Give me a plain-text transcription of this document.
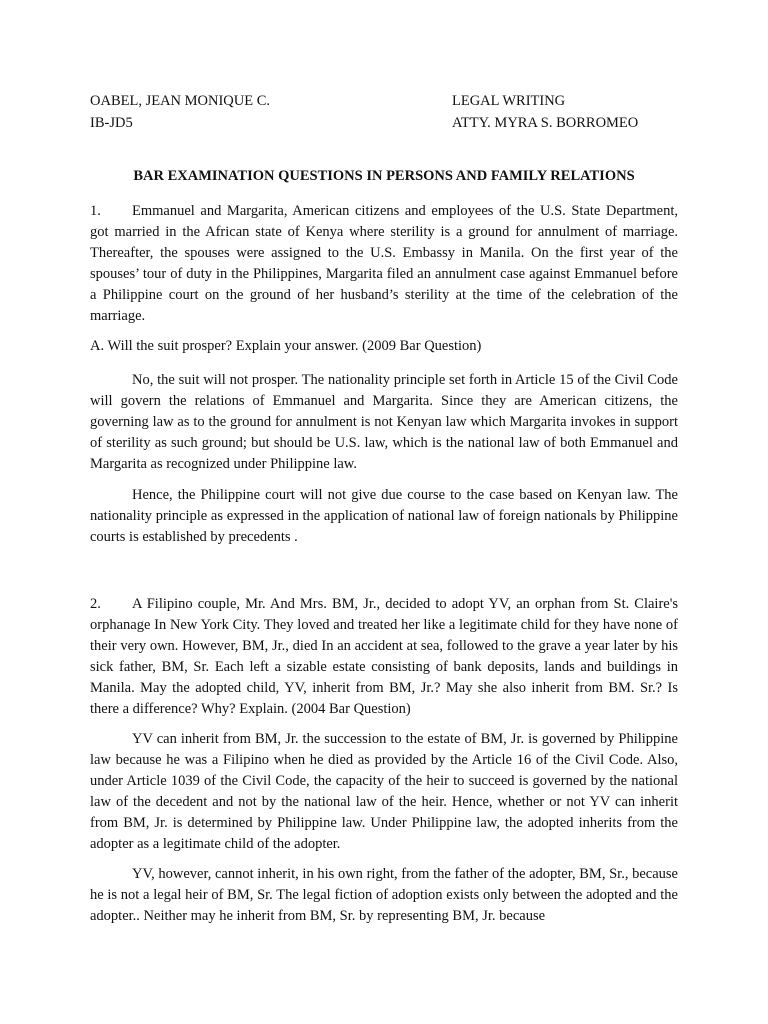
OABEL, JEAN MONIQUE C.
IB-JD5
LEGAL WRITING
ATTY. MYRA S. BORROMEO
BAR EXAMINATION QUESTIONS IN PERSONS AND FAMILY RELATIONS
1. Emmanuel and Margarita, American citizens and employees of the U.S. State Department, got married in the African state of Kenya where sterility is a ground for annulment of marriage. Thereafter, the spouses were assigned to the U.S. Embassy in Manila. On the first year of the spouses’ tour of duty in the Philippines, Margarita filed an annulment case against Emmanuel before a Philippine court on the ground of her husband’s sterility at the time of the celebration of the marriage.
A. Will the suit prosper? Explain your answer. (2009 Bar Question)
No, the suit will not prosper. The nationality principle set forth in Article 15 of the Civil Code will govern the relations of Emmanuel and Margarita. Since they are American citizens, the governing law as to the ground for annulment is not Kenyan law which Margarita invokes in support of sterility as such ground; but should be U.S. law, which is the national law of both Emmanuel and Margarita as recognized under Philippine law.
Hence, the Philippine court will not give due course to the case based on Kenyan law. The nationality principle as expressed in the application of national law of foreign nationals by Philippine courts is established by precedents .
2. A Filipino couple, Mr. And Mrs. BM, Jr., decided to adopt YV, an orphan from St. Claire's orphanage In New York City. They loved and treated her like a legitimate child for they have none of their very own. However, BM, Jr., died In an accident at sea, followed to the grave a year later by his sick father, BM, Sr. Each left a sizable estate consisting of bank deposits, lands and buildings in Manila. May the adopted child, YV, inherit from BM, Jr.? May she also inherit from BM. Sr.? Is there a difference? Why? Explain. (2004 Bar Question)
YV can inherit from BM, Jr. the succession to the estate of BM, Jr. is governed by Philippine law because he was a Filipino when he died as provided by the Article 16 of the Civil Code. Also, under Article 1039 of the Civil Code, the capacity of the heir to succeed is governed by the national law of the decedent and not by the national law of the heir. Hence, whether or not YV can inherit from BM, Jr. is determined by Philippine law. Under Philippine law, the adopted inherits from the adopter as a legitimate child of the adopter.
YV, however, cannot inherit, in his own right, from the father of the adopter, BM, Sr., because he is not a legal heir of BM, Sr. The legal fiction of adoption exists only between the adopted and the adopter.. Neither may he inherit from BM, Sr. by representing BM, Jr. because
